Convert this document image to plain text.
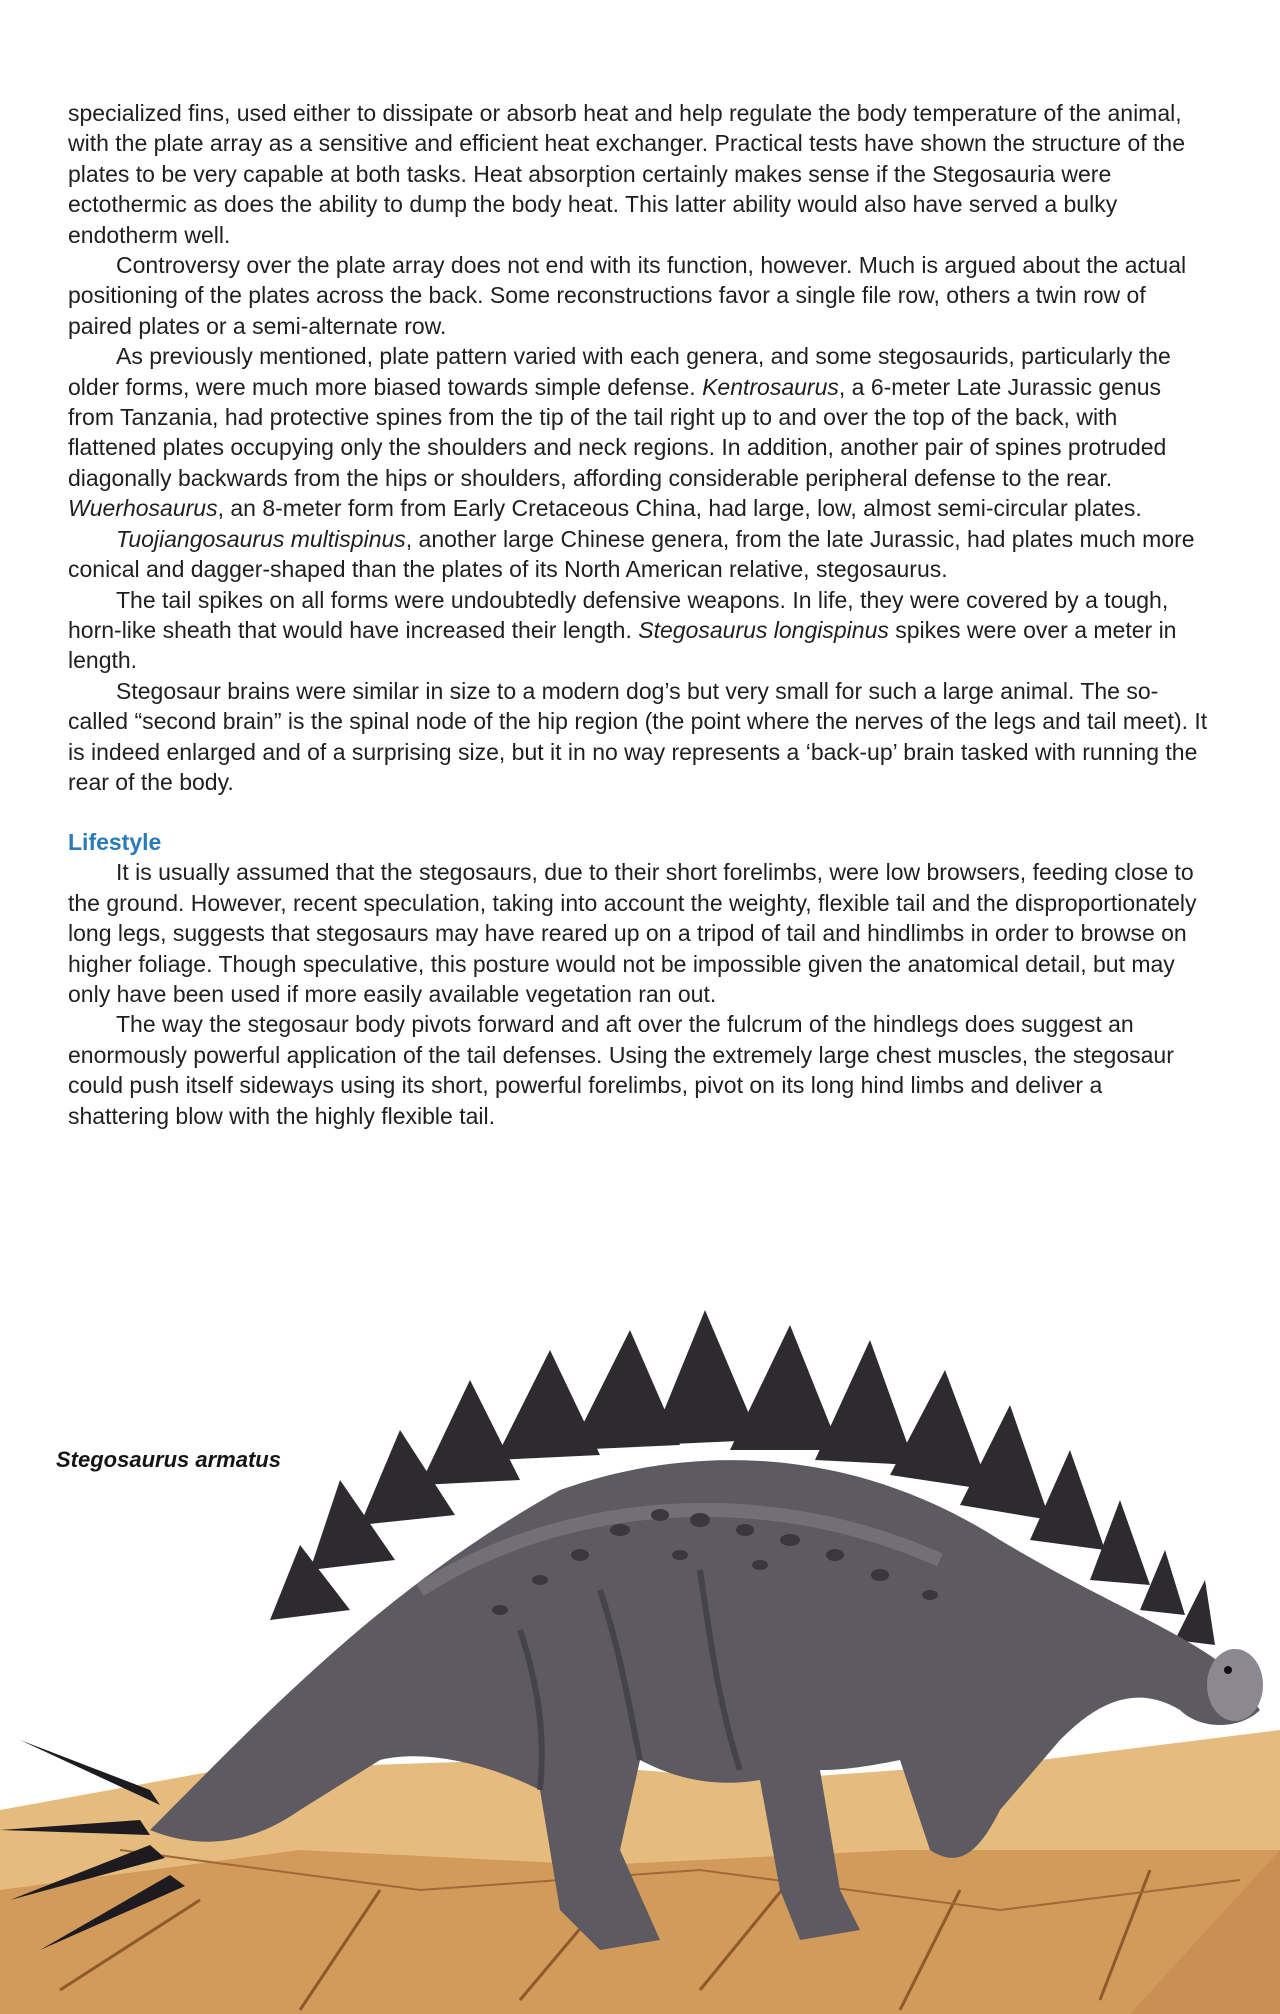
specialized fins, used either to dissipate or absorb heat and help regulate the body temperature of the animal, with the plate array as a sensitive and efficient heat exchanger. Practical tests have shown the structure of the plates to be very capable at both tasks. Heat absorption certainly makes sense if the Stegosauria were ectothermic as does the ability to dump the body heat. This latter ability would also have served a bulky endotherm well.

Controversy over the plate array does not end with its function, however. Much is argued about the actual positioning of the plates across the back. Some reconstructions favor a single file row, others a twin row of paired plates or a semi-alternate row.

As previously mentioned, plate pattern varied with each genera, and some stegosaurids, particularly the older forms, were much more biased towards simple defense. Kentrosaurus, a 6-meter Late Jurassic genus from Tanzania, had protective spines from the tip of the tail right up to and over the top of the back, with flattened plates occupying only the shoulders and neck regions. In addition, another pair of spines protruded diagonally backwards from the hips or shoulders, affording considerable peripheral defense to the rear. Wuerhosaurus, an 8-meter form from Early Cretaceous China, had large, low, almost semi-circular plates.

Tuojiangosaurus multispinus, another large Chinese genera, from the late Jurassic, had plates much more conical and dagger-shaped than the plates of its North American relative, stegosaurus.

The tail spikes on all forms were undoubtedly defensive weapons. In life, they were covered by a tough, horn-like sheath that would have increased their length. Stegosaurus longispinus spikes were over a meter in length.

Stegosaur brains were similar in size to a modern dog’s but very small for such a large animal. The so-called “second brain” is the spinal node of the hip region (the point where the nerves of the legs and tail meet). It is indeed enlarged and of a surprising size, but it in no way represents a ‘back-up’ brain tasked with running the rear of the body.

Lifestyle

It is usually assumed that the stegosaurs, due to their short forelimbs, were low browsers, feeding close to the ground. However, recent speculation, taking into account the weighty, flexible tail and the disproportionately long legs, suggests that stegosaurs may have reared up on a tripod of tail and hindlimbs in order to browse on higher foliage. Though speculative, this posture would not be impossible given the anatomical detail, but may only have been used if more easily available vegetation ran out.

The way the stegosaur body pivots forward and aft over the fulcrum of the hindlegs does suggest an enormously powerful application of the tail defenses. Using the extremely large chest muscles, the stegosaur could push itself sideways using its short, powerful forelimbs, pivot on its long hind limbs and deliver a shattering blow with the highly flexible tail.

Stegosaurus armatus
